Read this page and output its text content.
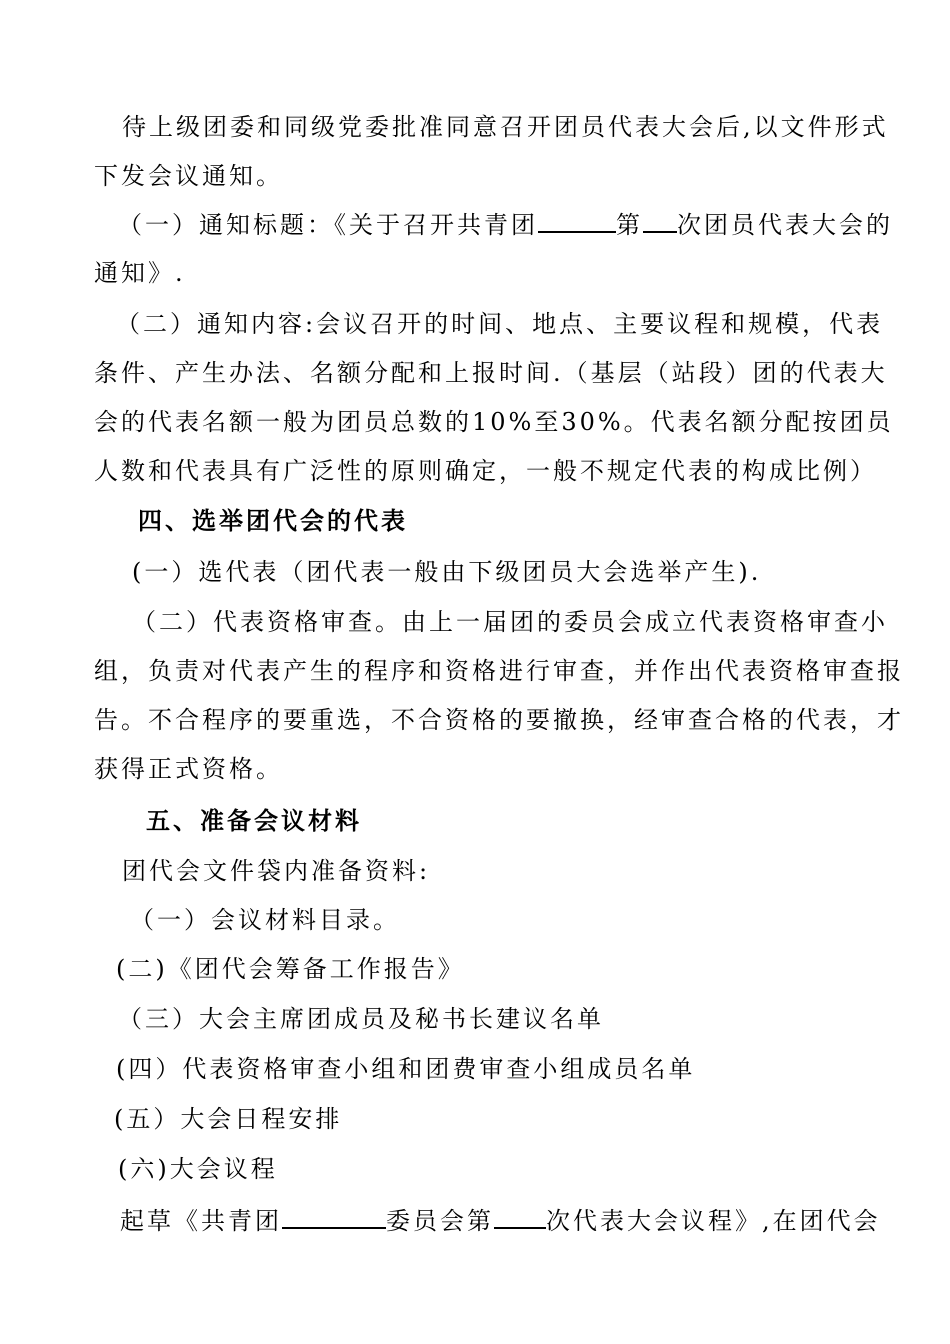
待上级团委和同级党委批准同意召开团员代表大会后,以文件形式
下发会议通知。
（一）通知标题：《关于召开共青团	第 次团员代表大会的
通知》.
（二）通知内容:会议召开的时间、地点、主要议程和规模，代表
条件、产生办法、名额分配和上报时间.（基层（站段）团的代表大
会的代表名额一般为团员总数的10%至30%。代表名额分配按团员
人数和代表具有广泛性的原则确定，一般不规定代表的构成比例）
四、选举团代会的代表
(一）选代表（团代表一般由下级团员大会选举产生).
（二）代表资格审查。由上一届团的委员会成立代表资格审查小
组，负责对代表产生的程序和资格进行审查，并作出代表资格审查报
告。不合程序的要重选，不合资格的要撤换，经审查合格的代表，才
获得正式资格。
五、准备会议材料
团代会文件袋内准备资料:
（一）会议材料目录。
(二)《团代会筹备工作报告》
（三）大会主席团成员及秘书长建议名单
(四）代表资格审查小组和团费审查小组成员名单
(五）大会日程安排
(六)大会议程
起草《共青团	委员会第 次代表大会议程》,在团代会
